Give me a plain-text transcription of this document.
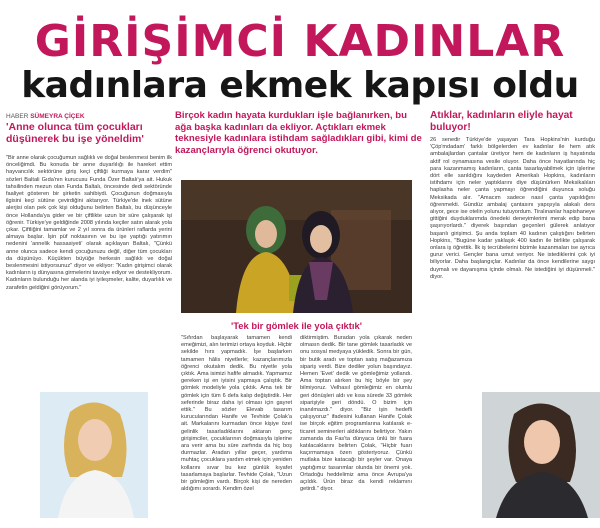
GİRİŞİMCİ KADINLAR
kadınlara ekmek kapısı oldu
HABER SÜMEYRA ÇİÇEK
'Anne olunca tüm çocukları düşünerek bu işe yöneldim'
"Bir anne olarak çocuğumun sağlıklı ve doğal beslenmesi benim ilk önceliğimdi. Bu konuda bir anne duyarlılığı ile hareket ettim hayvancılık sektörüne giriş keçi çiftliği kurmaya karar verdim" sözleri Baltali Gıda'nın kurucusu Funda Özer Baltalı'ya ait. Hukuk tahsilinden mezun olan Funda Baltalı, öncesinde dedi sektöründe faaliyet gösteren bir şirketin sahibiydi. Çocuğunun doğmasıyla ilgisini keçi sütüne çevirdiğini aktarıyor. Türkiye'de inek sütüne alerjisi olan pek çok kişi olduğunu belirten Baltalı, bu düşünceyle önce Hollanda'ya gider ve bir çiftlikte uzun bir süre çalışarak işi öğrenir. Türkiye'ye geldiğinde 2008 yılında keçiler satın alarak yola çıkar. Çiftliğini tamamlar ve 2 yıl sonra da ürünleri raflarda yerini almaya başlar. İşin püf noktasının ve bu işe yaptığı yatırımın nedenini 'annelik hassasiyeti' olarak açıklayan Baltalı, "Çünkü anne olunca sadece kendi çocuğunuzu değil, diğer tüm çocukları da düşünüyo. Küçükten büyüğe herkesin sağlıklı ve doğal beslenmesini istiyorsunuz" diyor ve ekliyor: "Kadın girişimci olarak kadınların iş dünyasına girmelerini tavsiye ediyor ve destekliyorum. Kadınların bulunduğu her alanda iyi iyileşmeler, kalite, duyarlılık ve zarafetin geldiğini görüyorum."
Birçok kadın hayata kurdukları işle bağlanırken, bu ağa başka kadınları da ekliyor. Açtıkları ekmek teknesiyle kadınlara istihdam sağladıkları gibi, kimi de kazançlarıyla öğrenci okutuyor.
'Tek bir gömlek ile yola çıktık'
"Sıfırdan başlayarak tamamen kendi emeğimizi, alın terimizi ortaya koyduk. Hiçbir sekilde hırs yapmadık. İşe başlarken tamamen hâlis niyetlerle; kazançlarımızla öğrenci okutalım dedik. Bu niyetle yola çıktık. Ama isimizi hafife almadık. Yapmamız gereken işi en iyisini yapmaya çalıştık. Bir gömlek modeliyle yola çıktık. Ama tek bir gömlek için tüm 6 defa kalıp değiştirdik. Her seferinde biraz daha iyi olması için gayret ettik." Bu sözler Elevab tasarım kurucularından Hanife ve Tevhide Çolak'a ait. Markalarını kurmadan önce kişiye özel gelinlik tasarladıklarını aktaran genç girişimciler, çocuklarının doğmasıyla işlerine ara verir ama bu süre zarfında da hiç boş durmazlar. Aradan yıllar geçer, yardıma muhtaç çocuklara yardım etmek için yeniden kollarını sıvar bu kez günlük kıyafet tasarlamaya başlarlar. Tevhide Çolak, "Uzun bir gömleğim vardı. Birçok kişi de nereden aldığımı sorardı. Kendim özel
diktirmiştim. Buradan yola çıkarak neden olmasın dedik. Bir tane gömlek tasarladık ve onu sosyal medyaya yükledik. Sonra bir gün, bir butik aradı ve toptan satış mağazamıza sipariş verdi. Bize dediler yolun başındayız. Hemen 'Evet' dedik ve gömleğimiz yollandı. Ama toptan alırken bu hiç böyle bir şey bilmiyoruz. Velhasıl gömleğimiz en olumlu geri dönüşleri aldı ve kısa sürede 33 gömlek siparişiyle geri döndü. O bizim için inanılmazdı." diyor. "Biz işin hedefli çalışıyoruz" ifadesini kullanan Hanife Çolak ise birçok eğitim programlarına katılarak e-ticaret seminerleri aldıklarını belirtiyor. Yakın zamanda da Fas'ta dünyaca ünlü bir fuara katılacaklarını belirten Çolak, "Hiçbir fuarı kaçırmamaya özen gösteriyoruz. Çünkü mutlaka bize katacağı bir şeyler var. Onaya yaptığımız tasarımlar olunda bir önemi yok. Ortadoğu heddelimiz ama önce Avrupa'ya açıldık. Ürün biraz da kendi reklamını getirdi." diyor.
Atıklar, kadınların eliyle hayat buluyor!
26 senedir Türkiye'de yaşayan Tara Hopkins'nin kurduğu 'Çöp'mdadam' farklı bölgelerden ev kadınlar ile hem atık ambalajlardan çantalar üretiyor hem de kadınların iş hayatında aktif rol oynamasına vesile oluyor. Daha önce hayatlarında hiç para kazanmamış kadınların, çanta tasarlayabilmek için işlerine dört elle sarıldığını kaydeden Amerikalı Hopkins, kadınların istihdamı için neler yaptıklarını diye düşünürken Meksikalıları haplasha neler çanta yapmayı öğrendiğini duyunca soluğu Meksikada alır. "Amacım sadece nasıl çanta yapıldığını öğrenmekti. Gündüz ambalaj çantasını yapışıyla alakalı ders alıyor, gece ise otelin yolunu tutuyordum. Tiralınanlar hapishaneye gittiğini duyduklarımda önedeki deneyimlerimi merak edip bana şaşırıyorlardı." diyerek başından geçenleri gülerek anlatıyor başarılı girişimci. Şu anda toplam 40 kadının çalıştığını belirten Hopkins, "Bugüne kadar yaklaşık 400 kadın ile birlikte çalışarak onlara iş öğrettik. İlk iş tecrübelerini bizimle kazanmaları ise ayrıca gurur verici. Gençler bana umut veriyor. Ne istediklerini çok iyi biliyorlar. Daha başlangıçlar. Kadınlar da önce kendilerine saygı duymalı ve dayanışma içinde olmalı. Ne istediğini iyi düşünmeli." diyor.
